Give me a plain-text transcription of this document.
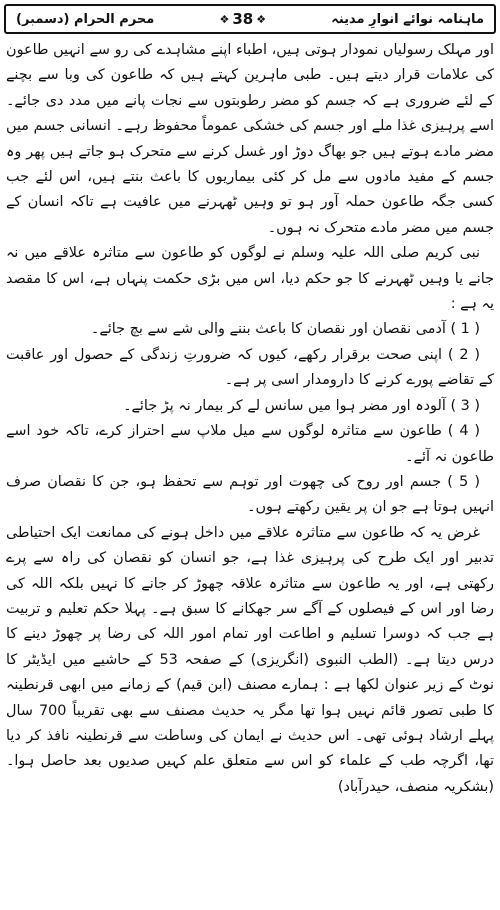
ماہنامہ نوائے انوارِ مدینہ
❖
38
❖
محرم الحرام (دسمبر)

اور مہلک رسولیاں نمودار ہوتی ہیں، اطباء اپنے مشاہدے کی رو سے انہیں طاعون کی علامات قرار دیتے ہیں۔ طبی ماہرین کہتے ہیں کہ طاعون کی وبا سے بچنے کے لئے ضروری ہے کہ جسم کو مضر رطوبتوں سے نجات پانے میں مدد دی جائے۔ اسے پرہیزی غذا ملے اور جسم کی خشکی عموماً محفوظ رہے۔ انسانی جسم میں مضر مادے ہوتے ہیں جو بھاگ دوڑ اور غسل کرنے سے متحرک ہو جاتے ہیں پھر وہ جسم کے مفید مادوں سے مل کر کئی بیماریوں کا باعث بنتے ہیں، اس لئے جب کسی جگہ طاعون حملہ آور ہو تو وہیں ٹھہرنے میں عافیت ہے تاکہ انسان کے جسم میں مضر مادے متحرک نہ ہوں۔

نبی کریم صلی اللہ علیہ وسلم نے لوگوں کو طاعون سے متاثرہ علاقے میں نہ جانے یا وہیں ٹھہرنے کا جو حکم دیا، اس میں بڑی حکمت پنہاں ہے، اس کا مقصد یہ ہے :

( 1 ) آدمی نقصان اور نقصان کا باعث بننے والی شے سے بچ جائے۔

( 2 ) اپنی صحت برقرار رکھے، کیوں کہ ضرورتِ زندگی کے حصول اور عاقبت کے تقاضے پورے کرنے کا دارومدار اسی پر ہے۔

( 3 ) آلودہ اور مضر ہوا میں سانس لے کر بیمار نہ پڑ جائے۔

( 4 ) طاعون سے متاثرہ لوگوں سے میل ملاپ سے احتراز کرے، تاکہ خود اسے طاعون نہ آئے۔

( 5 ) جسم اور روح کی چھوت اور توہم سے تحفظ ہو، جن کا نقصان صرف انہیں ہوتا ہے جو ان پر یقین رکھتے ہوں۔

غرض یہ کہ طاعون سے متاثرہ علاقے میں داخل ہونے کی ممانعت ایک احتیاطی تدبیر اور ایک طرح کی پرہیزی غذا ہے، جو انسان کو نقصان کی راہ سے پرے رکھتی ہے، اور یہ طاعون سے متاثرہ علاقہ چھوڑ کر جانے کا نہیں بلکہ اللہ کی رضا اور اس کے فیصلوں کے آگے سر جھکانے کا سبق ہے۔ پہلا حکم تعلیم و تربیت ہے جب کہ دوسرا تسلیم و اطاعت اور تمام امور اللہ کی رضا پر چھوڑ دینے کا درس دیتا ہے۔ (الطب النبوی (انگریزی) کے صفحہ 53 کے حاشیے میں ایڈیٹر کا نوٹ کے زیر عنوان لکھا ہے : ہمارے مصنف (ابن قیم) کے زمانے میں ابھی قرنطینہ کا طبی تصور قائم نہیں ہوا تھا مگر یہ حدیث مصنف سے بھی تقریباً 700 سال پہلے ارشاد ہوئی تھی۔ اس حدیث نے ایمان کی وساطت سے قرنطینہ نافذ کر دیا تھا، اگرچہ طب کے علماء کو اس سے متعلق علم کہیں صدیوں بعد حاصل ہوا۔ (بشکریہ منصف، حیدرآباد)
